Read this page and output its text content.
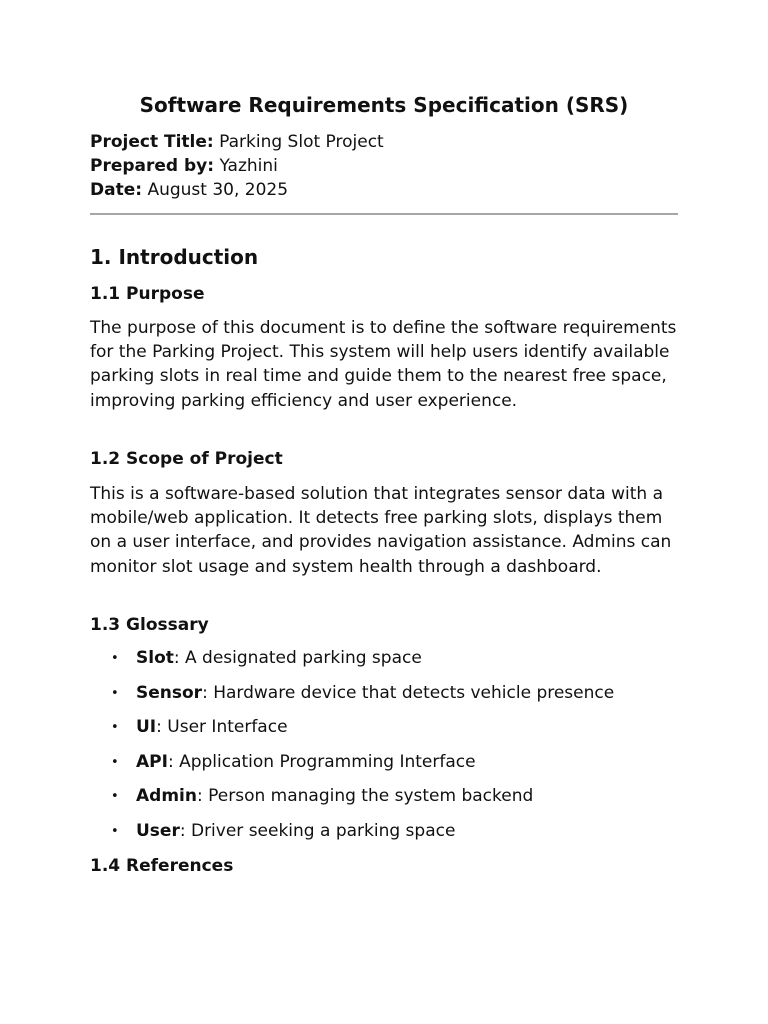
Software Requirements Specification (SRS)
Project Title: Parking Slot Project
Prepared by: Yazhini
Date: August 30, 2025
1. Introduction
1.1 Purpose

The purpose of this document is to define the software requirements for the Parking Project. This system will help users identify available parking slots in real time and guide them to the nearest free space, improving parking efficiency and user experience.

1.2 Scope of Project

This is a software-based solution that integrates sensor data with a mobile/web application. It detects free parking slots, displays them on a user interface, and provides navigation assistance. Admins can monitor slot usage and system health through a dashboard.

1.3 Glossary
• Slot: A designated parking space
• Sensor: Hardware device that detects vehicle presence
• UI: User Interface
• API: Application Programming Interface
• Admin: Person managing the system backend
• User: Driver seeking a parking space
1.4 References
